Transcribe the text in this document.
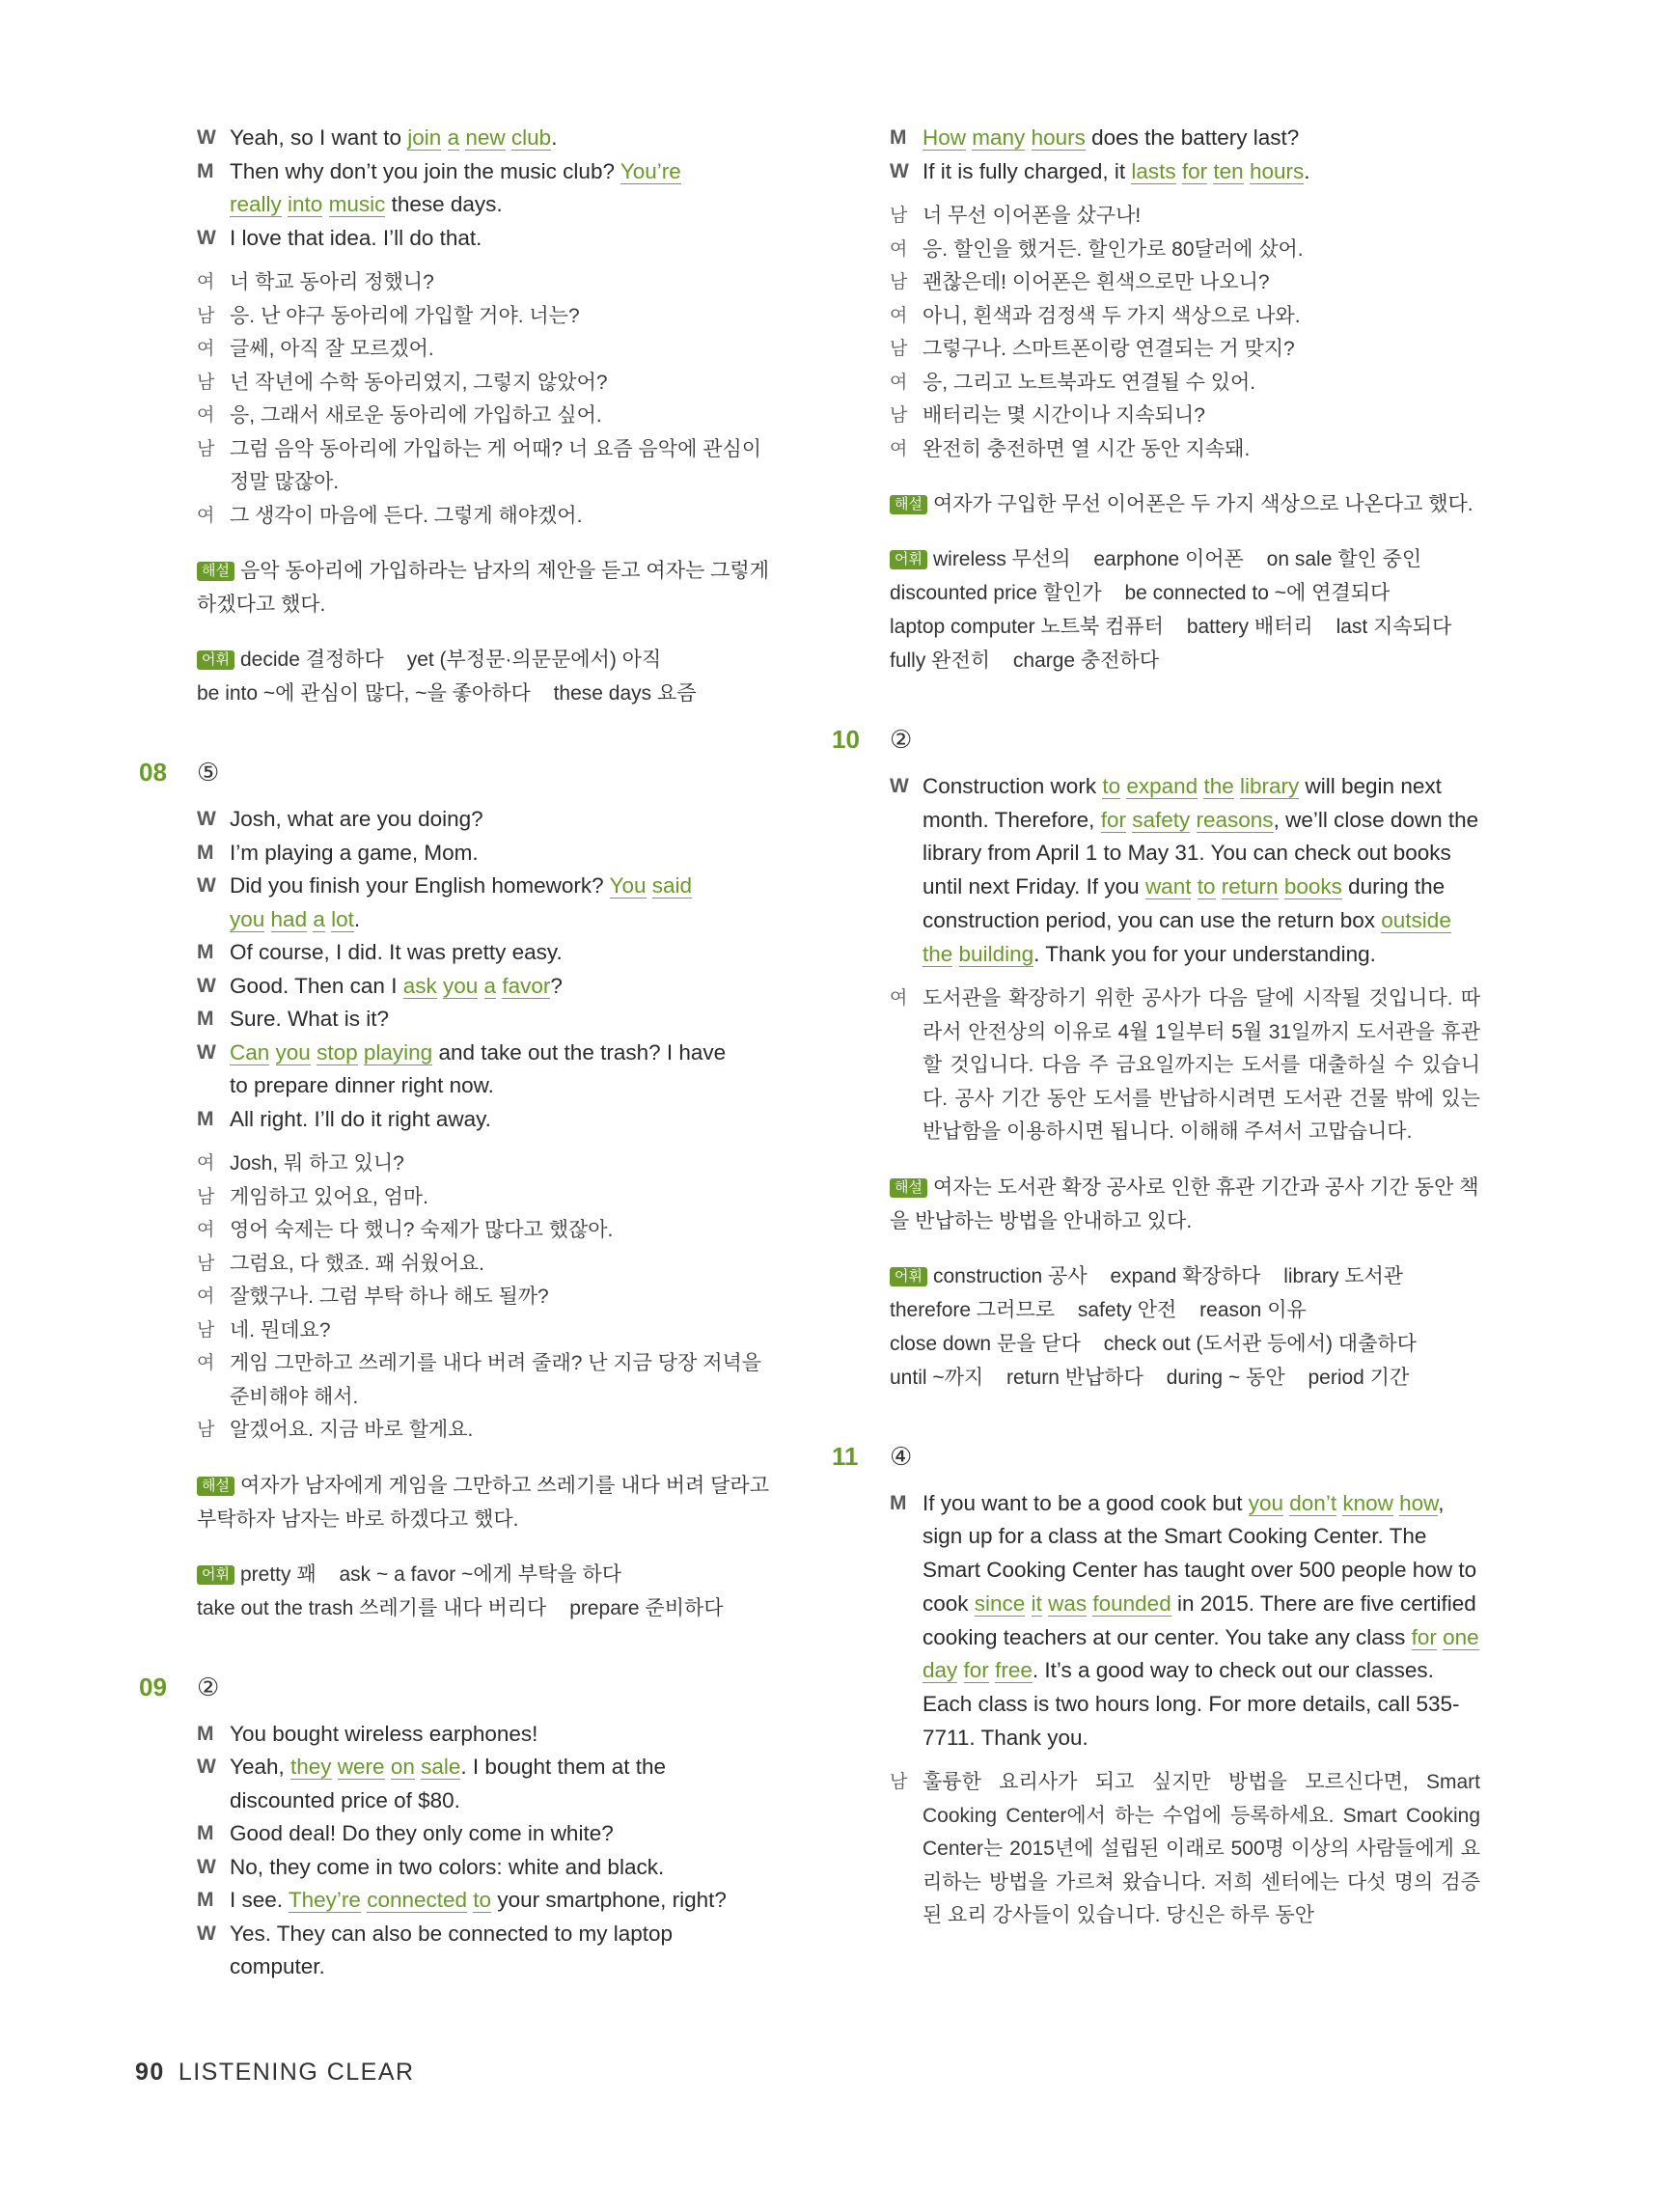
W Yeah, so I want to join a new club.
M Then why don’t you join the music club? You’re
really into music these days.
W I love that idea. I’ll do that.
여 너 학교 동아리 정했니?
남 응. 난 야구 동아리에 가입할 거야. 너는?
여 글쎄, 아직 잘 모르겠어.
남 넌 작년에 수학 동아리였지, 그렇지 않았어?
여 응, 그래서 새로운 동아리에 가입하고 싶어.
남 그럼 음악 동아리에 가입하는 게 어때? 너 요즘 음악에 관심이
정말 많잖아.
여 그 생각이 마음에 든다. 그렇게 해야겠어.
해설 음악 동아리에 가입하라는 남자의 제안을 듣고 여자는 그렇게 하겠다고 했다.
어휘 decide 결정하다 yet (부정문·의문문에서) 아직 be into ~에 관심이 많다, ~을 좋아하다 these days 요즘
08 ⑤
W Josh, what are you doing?
M I’m playing a game, Mom.
W Did you finish your English homework? You said
you had a lot.
M Of course, I did. It was pretty easy.
W Good. Then can I ask you a favor?
M Sure. What is it?
W Can you stop playing and take out the trash? I have
to prepare dinner right now.
M All right. I’ll do it right away.
여 Josh, 뭐 하고 있니?
남 게임하고 있어요, 엄마.
여 영어 숙제는 다 했니? 숙제가 많다고 했잖아.
남 그럼요, 다 했죠. 꽤 쉬웠어요.
여 잘했구나. 그럼 부탁 하나 해도 될까?
남 네. 뭔데요?
여 게임 그만하고 쓰레기를 내다 버려 줄래? 난 지금 당장 저녁을
준비해야 해서.
남 알겠어요. 지금 바로 할게요.
해설 여자가 남자에게 게임을 그만하고 쓰레기를 내다 버려 달라고 부탁하자 남자는 바로 하겠다고 했다.
어휘 pretty 꽤 ask ~ a favor ~에게 부탁을 하다 take out the trash 쓰레기를 내다 버리다 prepare 준비하다
09 ②
M You bought wireless earphones!
W Yeah, they were on sale. I bought them at the
discounted price of $80.
M Good deal! Do they only come in white?
W No, they come in two colors: white and black.
M I see. They’re connected to your smartphone, right?
W Yes. They can also be connected to my laptop
computer.
M How many hours does the battery last?
W If it is fully charged, it lasts for ten hours.
남 너 무선 이어폰을 샀구나!
여 응. 할인을 했거든. 할인가로 80달러에 샀어.
남 괜찮은데! 이어폰은 흰색으로만 나오니?
여 아니, 흰색과 검정색 두 가지 색상으로 나와.
남 그렇구나. 스마트폰이랑 연결되는 거 맞지?
여 응, 그리고 노트북과도 연결될 수 있어.
남 배터리는 몇 시간이나 지속되니?
여 완전히 충전하면 열 시간 동안 지속돼.
해설 여자가 구입한 무선 이어폰은 두 가지 색상으로 나온다고 했다.
어휘 wireless 무선의 earphone 이어폰 on sale 할인 중인 discounted price 할인가 be connected to ~에 연결되다 laptop computer 노트북 컴퓨터 battery 배터리 last 지속되다 fully 완전히 charge 충전하다
10 ②
W Construction work to expand the library will begin next month. Therefore, for safety reasons, we’ll close down the library from April 1 to May 31. You can check out books until next Friday. If you want to return books during the construction period, you can use the return box outside the building. Thank you for your understanding.
여 도서관을 확장하기 위한 공사가 다음 달에 시작될 것입니다. 따라서 안전상의 이유로 4월 1일부터 5월 31일까지 도서관을 휴관할 것입니다. 다음 주 금요일까지는 도서를 대출하실 수 있습니다. 공사 기간 동안 도서를 반납하시려면 도서관 건물 밖에 있는 반납함을 이용하시면 됩니다. 이해해 주셔서 고맙습니다.
해설 여자는 도서관 확장 공사로 인한 휴관 기간과 공사 기간 동안 책을 반납하는 방법을 안내하고 있다.
어휘 construction 공사 expand 확장하다 library 도서관 therefore 그러므로 safety 안전 reason 이유 close down 문을 닫다 check out (도서관 등에서) 대출하다 until ~까지 return 반납하다 during ~ 동안 period 기간
11 ④
M If you want to be a good cook but you don’t know how, sign up for a class at the Smart Cooking Center. The Smart Cooking Center has taught over 500 people how to cook since it was founded in 2015. There are five certified cooking teachers at our center. You take any class for one day for free. It’s a good way to check out our classes. Each class is two hours long. For more details, call 535-7711. Thank you.
남 훌륭한 요리사가 되고 싶지만 방법을 모르신다면, Smart Cooking Center에서 하는 수업에 등록하세요. Smart Cooking Center는 2015년에 설립된 이래로 500명 이상의 사람들에게 요리하는 방법을 가르쳐 왔습니다. 저희 센터에는 다섯 명의 검증된 요리 강사들이 있습니다. 당신은 하루 동안
90 LISTENING CLEAR
